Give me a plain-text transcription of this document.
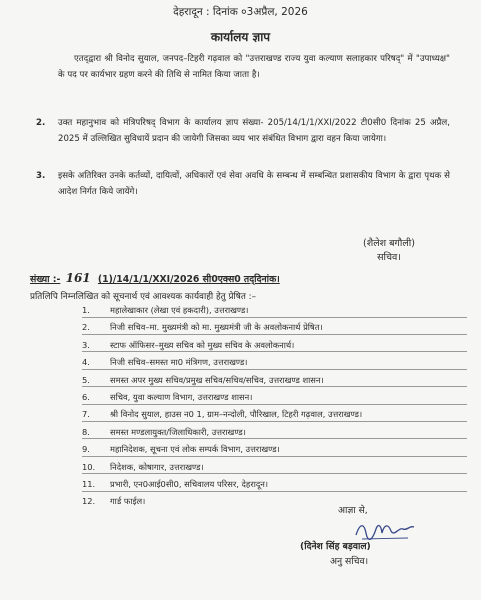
देहरादून : दिनांक ०3अप्रैल, 2026
कार्यालय ज्ञाप
एतद्‌द्वारा श्री विनोद सुयाल, जनपद–टिहरी गढ़वाल को "उत्तराखण्ड राज्य युवा कल्याण सलाहकार परिषद्" में "उपाध्यक्ष" के पद पर कार्यभार ग्रहण करने की तिथि से नामित किया जाता है।
2. उक्त महानुभाव को मंत्रिपरिषद् विभाग के कार्यालय ज्ञाप संख्या- 205/14/1/1/XXI/2022 टी0सी0 दिनांक 25 अप्रैल, 2025 में उल्लिखित सुविधायें प्रदान की जायेगी जिसका व्यय भार संबंधित विभाग द्वारा वहन किया जायेगा।
3. इसके अतिरिक्त उनके कर्तव्यों, दायित्वों, अधिकारों एवं सेवा अवधि के सम्बन्ध में सम्बन्धित प्रशासकीय विभाग के द्वारा पृथक से आदेश निर्गत किये जायेंगे।
(शैलेश बगौली)
सचिव।
संख्या :- 161 (1)/14/1/1/XXI/2026 सी0एक्स0 तद्‌दिनांक।
प्रतिलिपि निम्नलिखित को सूचनार्थ एवं आवश्यक कार्यवाही हेतु प्रेषित :–
1. महालेखाकार (लेखा एवं हकदारी), उत्तराखण्ड।
2. निजी सचिव–मा. मुख्यमंत्री को मा. मुख्यमंत्री जी के अवलोकनार्थ प्रेषित।
3. स्टाफ ऑफिसर–मुख्य सचिव को मुख्य सचिव के अवलोकनार्थ।
4. निजी सचिव–समस्त मा0 मंत्रिगण, उत्तराखण्ड।
5. समस्त अपर मुख्य सचिव/प्रमुख सचिव/सचिव/सचिव, उत्तराखण्ड शासन।
6. सचिव, युवा कल्याण विभाग, उत्तराखण्ड शासन।
7. श्री विनोद सुयाल, हाउस न0 1, ग्राम–नन्दोली, पौरिखाल, टिहरी गढ़वाल, उत्तराखण्ड।
8. समस्त मण्डलायुक्त/जिलाधिकारी, उत्तराखण्ड।
9. महानिदेशक, सूचना एवं लोक सम्पर्क विभाग, उत्तराखण्ड।
10. निदेशक, कोषागार, उत्तराखण्ड।
11. प्रभारी, एन0आई0सी0, सचिवालय परिसर, देहरादून।
12. गार्ड फाईल।
आज्ञा से,
(दिनेश सिंह बड़वाल)
अनु सचिव।
